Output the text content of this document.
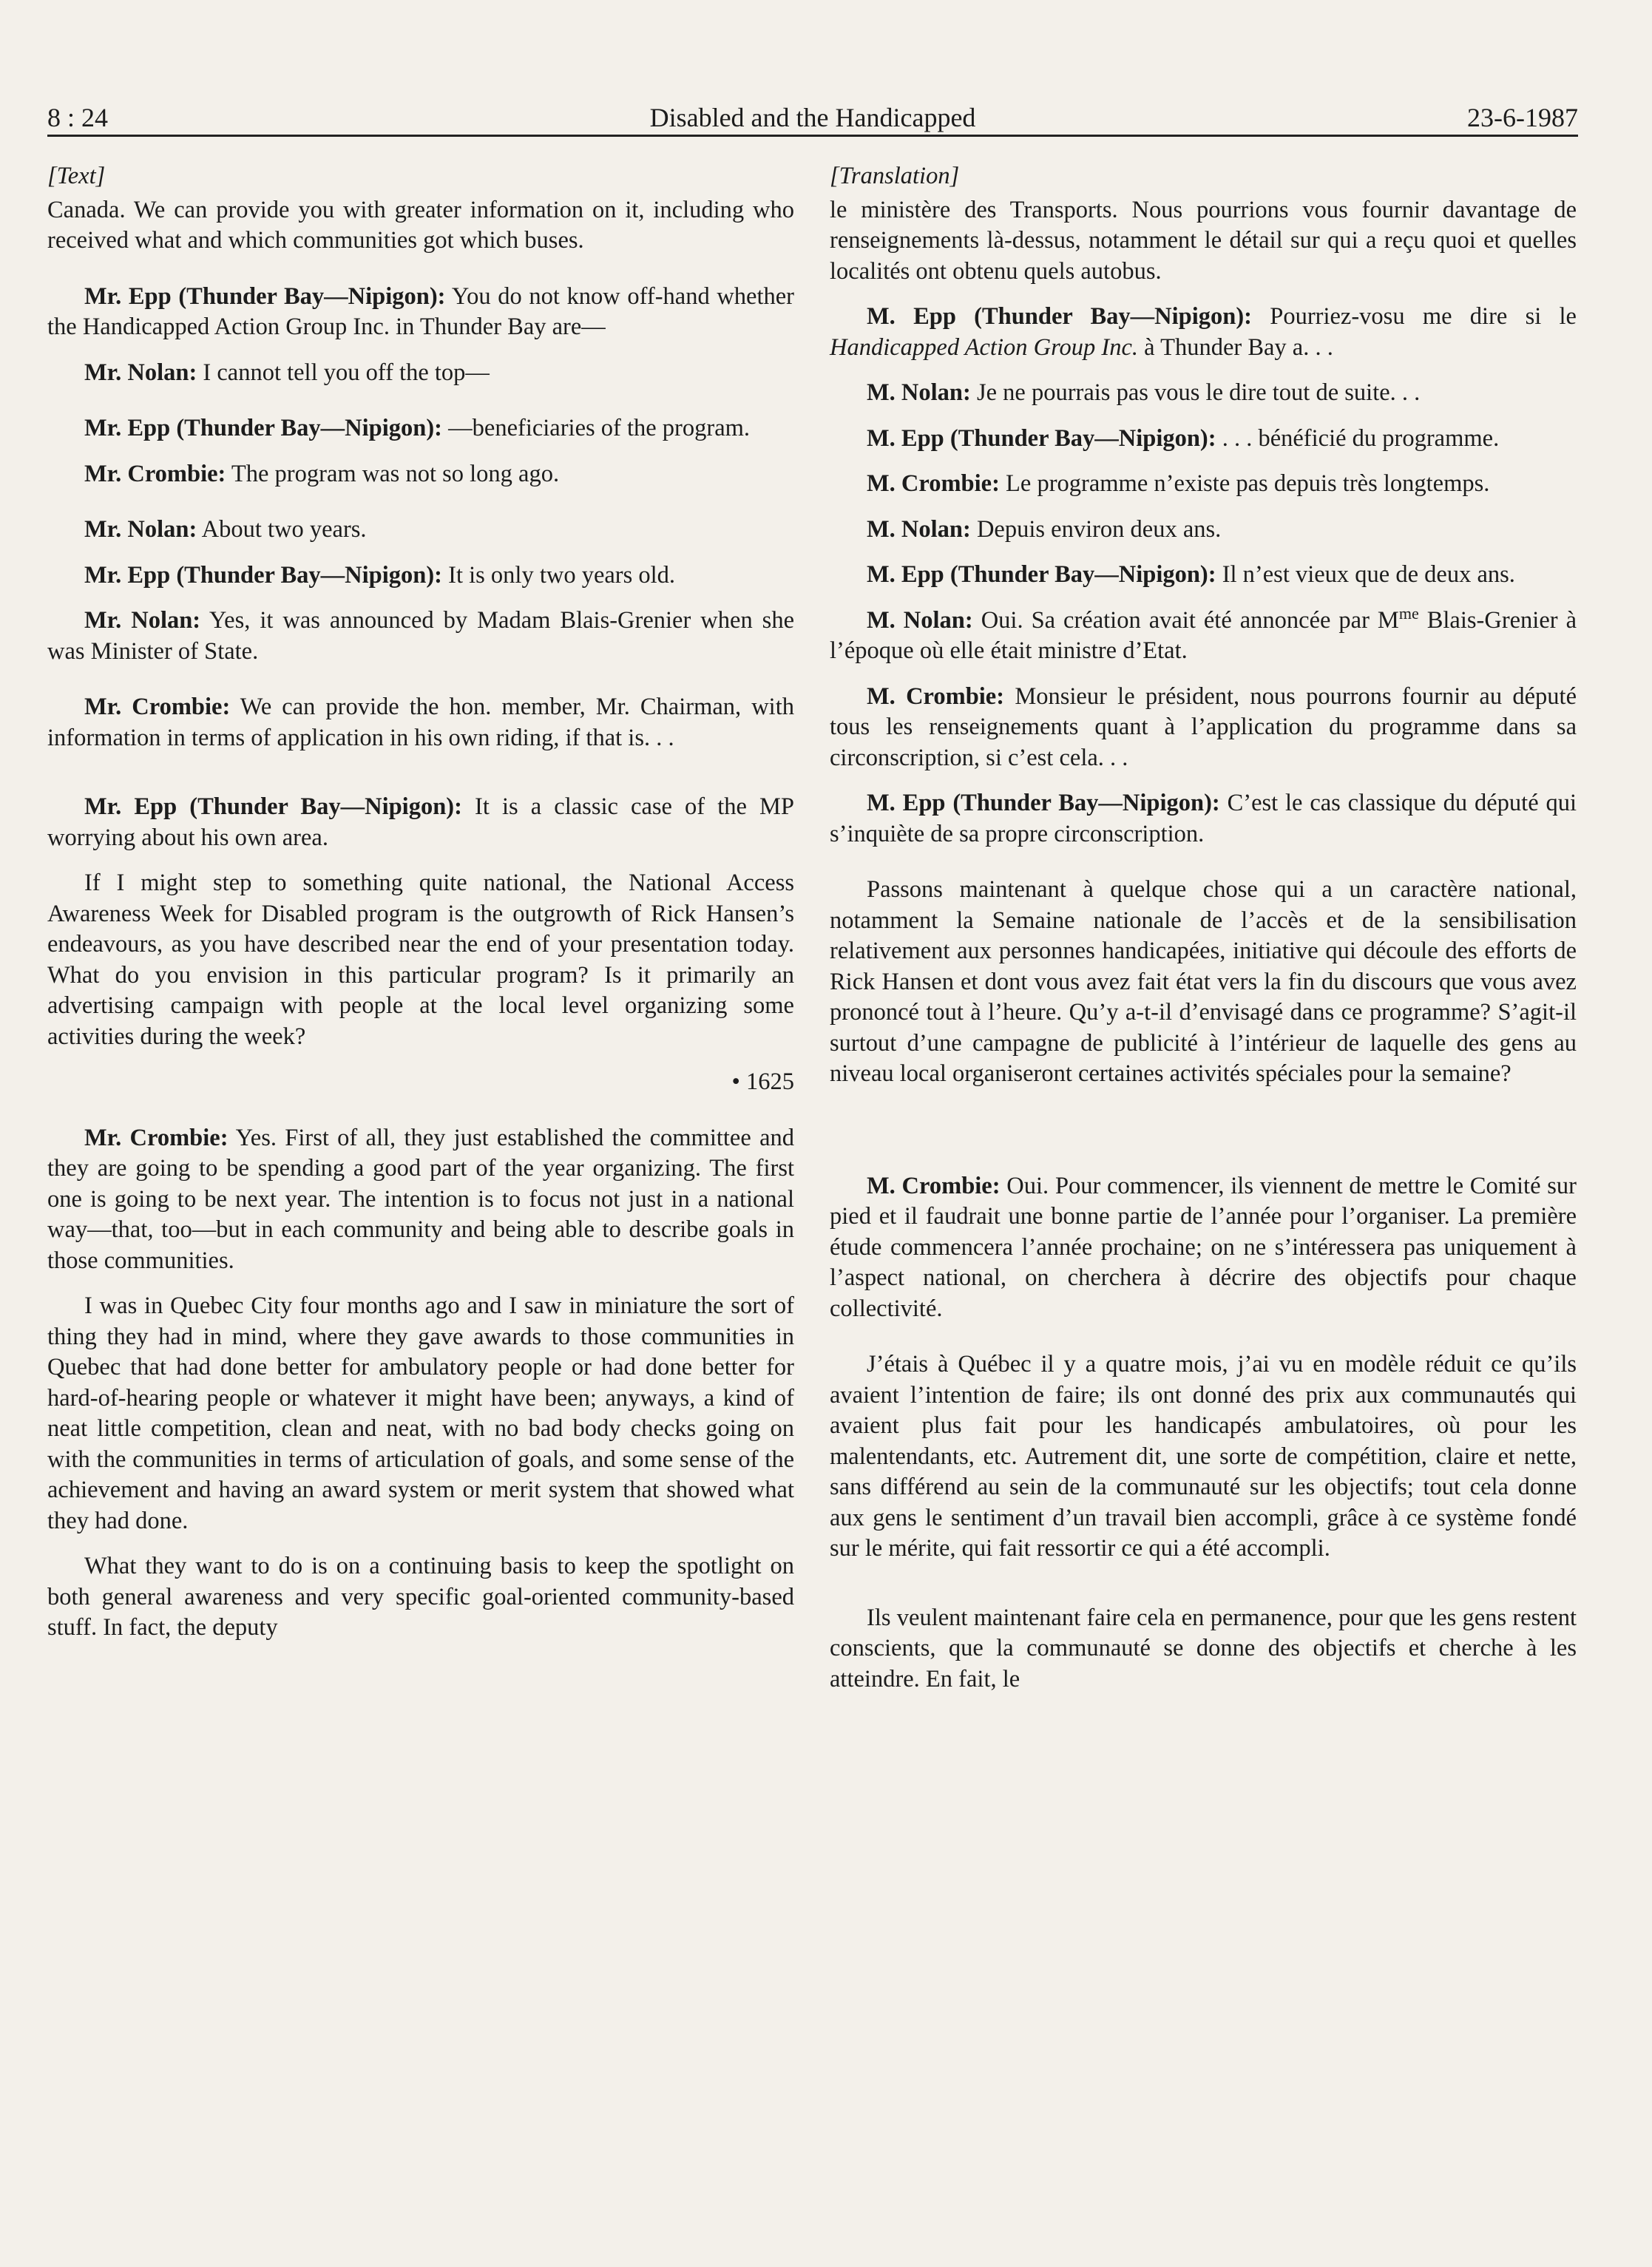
8 : 24	Disabled and the Handicapped	23-6-1987
[Text]

Canada. We can provide you with greater information on it, including who received what and which communities got which buses.

Mr. Epp (Thunder Bay—Nipigon): You do not know off-hand whether the Handicapped Action Group Inc. in Thunder Bay are—

Mr. Nolan: I cannot tell you off the top—

Mr. Epp (Thunder Bay—Nipigon): —beneficiaries of the program.

Mr. Crombie: The program was not so long ago.

Mr. Nolan: About two years.

Mr. Epp (Thunder Bay—Nipigon): It is only two years old.

Mr. Nolan: Yes, it was announced by Madam Blais-Grenier when she was Minister of State.

Mr. Crombie: We can provide the hon. member, Mr. Chairman, with information in terms of application in his own riding, if that is. . .

Mr. Epp (Thunder Bay—Nipigon): It is a classic case of the MP worrying about his own area.

If I might step to something quite national, the National Access Awareness Week for Disabled program is the outgrowth of Rick Hansen’s endeavours, as you have described near the end of your presentation today. What do you envision in this particular program? Is it primarily an advertising campaign with people at the local level organizing some activities during the week?

• 1625

Mr. Crombie: Yes. First of all, they just established the committee and they are going to be spending a good part of the year organizing. The first one is going to be next year. The intention is to focus not just in a national way—that, too—but in each community and being able to describe goals in those communities.

I was in Quebec City four months ago and I saw in miniature the sort of thing they had in mind, where they gave awards to those communities in Quebec that had done better for ambulatory people or had done better for hard-of-hearing people or whatever it might have been; anyways, a kind of neat little competition, clean and neat, with no bad body checks going on with the communities in terms of articulation of goals, and some sense of the achievement and having an award system or merit system that showed what they had done.

What they want to do is on a continuing basis to keep the spotlight on both general awareness and very specific goal-oriented community-based stuff. In fact, the deputy

[Translation]

le ministère des Transports. Nous pourrions vous fournir davantage de renseignements là-dessus, notamment le détail sur qui a reçu quoi et quelles localités ont obtenu quels autobus.

M. Epp (Thunder Bay—Nipigon): Pourriez-vosu me dire si le Handicapped Action Group Inc. à Thunder Bay a. . .

M. Nolan: Je ne pourrais pas vous le dire tout de suite. . .

M. Epp (Thunder Bay—Nipigon): . . . bénéficié du programme.

M. Crombie: Le programme n’existe pas depuis très longtemps.

M. Nolan: Depuis environ deux ans.

M. Epp (Thunder Bay—Nipigon): Il n’est vieux que de deux ans.

M. Nolan: Oui. Sa création avait été annoncée par $M^{me}$ Blais-Grenier à l’époque où elle était ministre d’Etat.

M. Crombie: Monsieur le président, nous pourrons fournir au député tous les renseignements quant à l’application du programme dans sa circonscription, si c’est cela. . .

M. Epp (Thunder Bay—Nipigon): C’est le cas classique du député qui s’inquiète de sa propre circonscription.

Passons maintenant à quelque chose qui a un caractère national, notamment la Semaine nationale de l’accès et de la sensibilisation relativement aux personnes handicapées, initiative qui découle des efforts de Rick Hansen et dont vous avez fait état vers la fin du discours que vous avez prononcé tout à l’heure. Qu’y a-t-il d’envisagé dans ce programme? S’agit-il surtout d’une campagne de publicité à l’intérieur de laquelle des gens au niveau local organiseront certaines activités spéciales pour la semaine?

M. Crombie: Oui. Pour commencer, ils viennent de mettre le Comité sur pied et il faudrait une bonne partie de l’année pour l’organiser. La première étude commencera l’année prochaine; on ne s’intéressera pas uniquement à l’aspect national, on cherchera à décrire des objectifs pour chaque collectivité.

J’étais à Québec il y a quatre mois, j’ai vu en modèle réduit ce qu’ils avaient l’intention de faire; ils ont donné des prix aux communautés qui avaient plus fait pour les handicapés ambulatoires, où pour les malentendants, etc. Autrement dit, une sorte de compétition, claire et nette, sans différend au sein de la communauté sur les objectifs; tout cela donne aux gens le sentiment d’un travail bien accompli, grâce à ce système fondé sur le mérite, qui fait ressortir ce qui a été accompli.

Ils veulent maintenant faire cela en permanence, pour que les gens restent conscients, que la communauté se donne des objectifs et cherche à les atteindre. En fait, le
